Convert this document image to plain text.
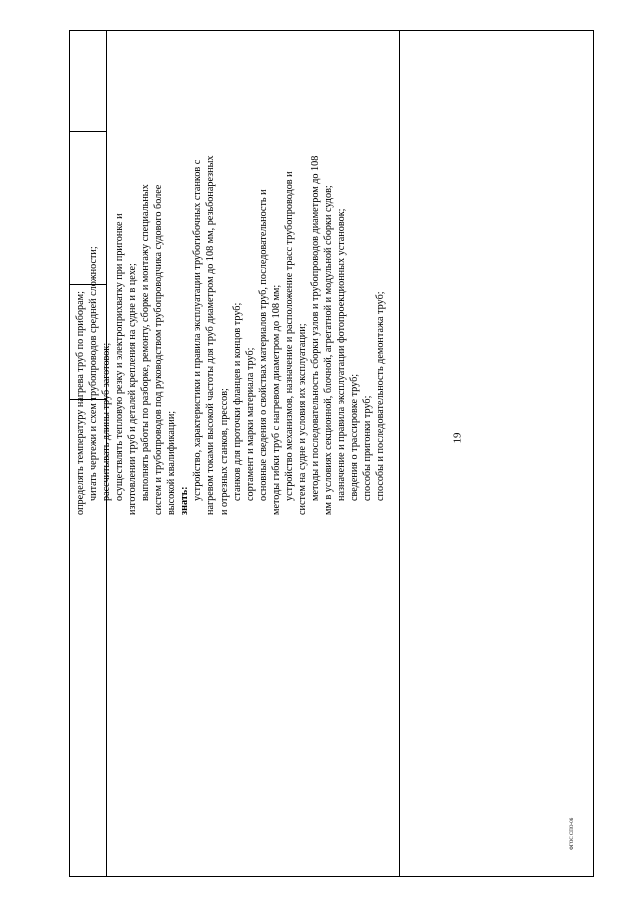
19
ФГОС СПО-06

определять температуру нагрева труб по приборам; читать чертежи и схем трубопроводов средней сложности; рассчитывать длины труб заготовок; осуществлять тепловую резку и электроприхватку при пригонке и изготовлении труб и деталей крепления на судне и в цехе; выполнять работы по разборке, ремонту, сборке и монтажу специальных систем и трубопроводов под руководством трубопроводчика судового более высокой квалификации; знать: устройство, характеристики и правила эксплуатации трубогибочных станков с нагревом токами высокой частоты для труб диаметром до 108 мм, резьбонарезных и отрезных станков, прессов; станков для проточки фланцев и концов труб; сортамент и марки материала труб; основные сведения о свойствах материалов труб, последовательность и методы гибки труб с нагревом диаметром до 108 мм; устройство механизмов, назначение и расположение трасс трубопроводов и систем на судне и условия их эксплуатации; методы и последовательность сборки узлов и трубопроводов диаметром до 108 мм в условиях секционной, блочной, агрегатной и модульной сборки судов; назначение и правила эксплуатации фотопроекционных установок; сведения о трассировке труб; способы пригонки труб; способы и последовательность демонтажа труб;
